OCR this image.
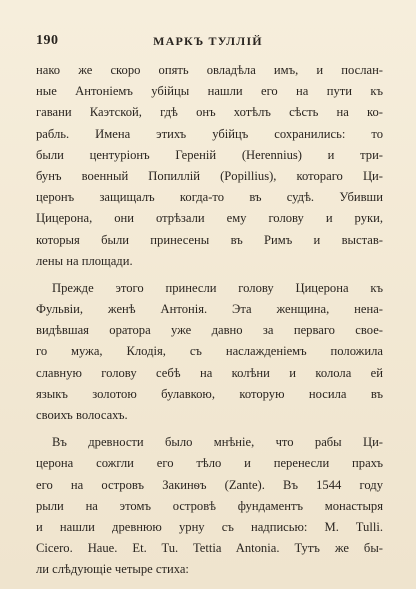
190	МАРКЪ ТУЛЛІЙ
нако же скоро опять овладѣла имъ, и послан-
ные Антоніемъ убійцы нашли его на пути къ
гавани Каэтской, гдѣ онъ хотѣлъ сѣсть на ко-
рабль. Имена этихъ убійцъ сохранились: то
были центуріонъ Гереній (Herennius) и три-
бунъ военный Попиллій (Popillius), котораго Ци-
церонъ защищалъ когда-то въ судѣ. Убивши
Цицерона, они отрѣзали ему голову и руки,
которыя были принесены въ Римъ и выстав-
лены на площади.
Прежде этого принесли голову Цицерона къ
Фульвіи, женѣ Антонія. Эта женщина, нена-
видѣвшая оратора уже давно за перваго свое-
го мужа, Клодія, съ наслажденіемъ положила
славную голову себѣ на колѣни и колола ей
языкъ золотою булавкою, которую носила въ
своихъ волосахъ.
Въ древности было мнѣніе, что рабы Ци-
церона сожгли его тѣло и перенесли прахъ
его на островъ Закинѳъ (Zante). Въ 1544 году
рыли на этомъ островѣ фундаментъ монастыря
и нашли древнюю урну съ надписью: M. Tulli.
Cicero. Haue. Et. Tu. Tettia Antonia. Тутъ же бы-
ли слѣдующіе четыре стиха:
